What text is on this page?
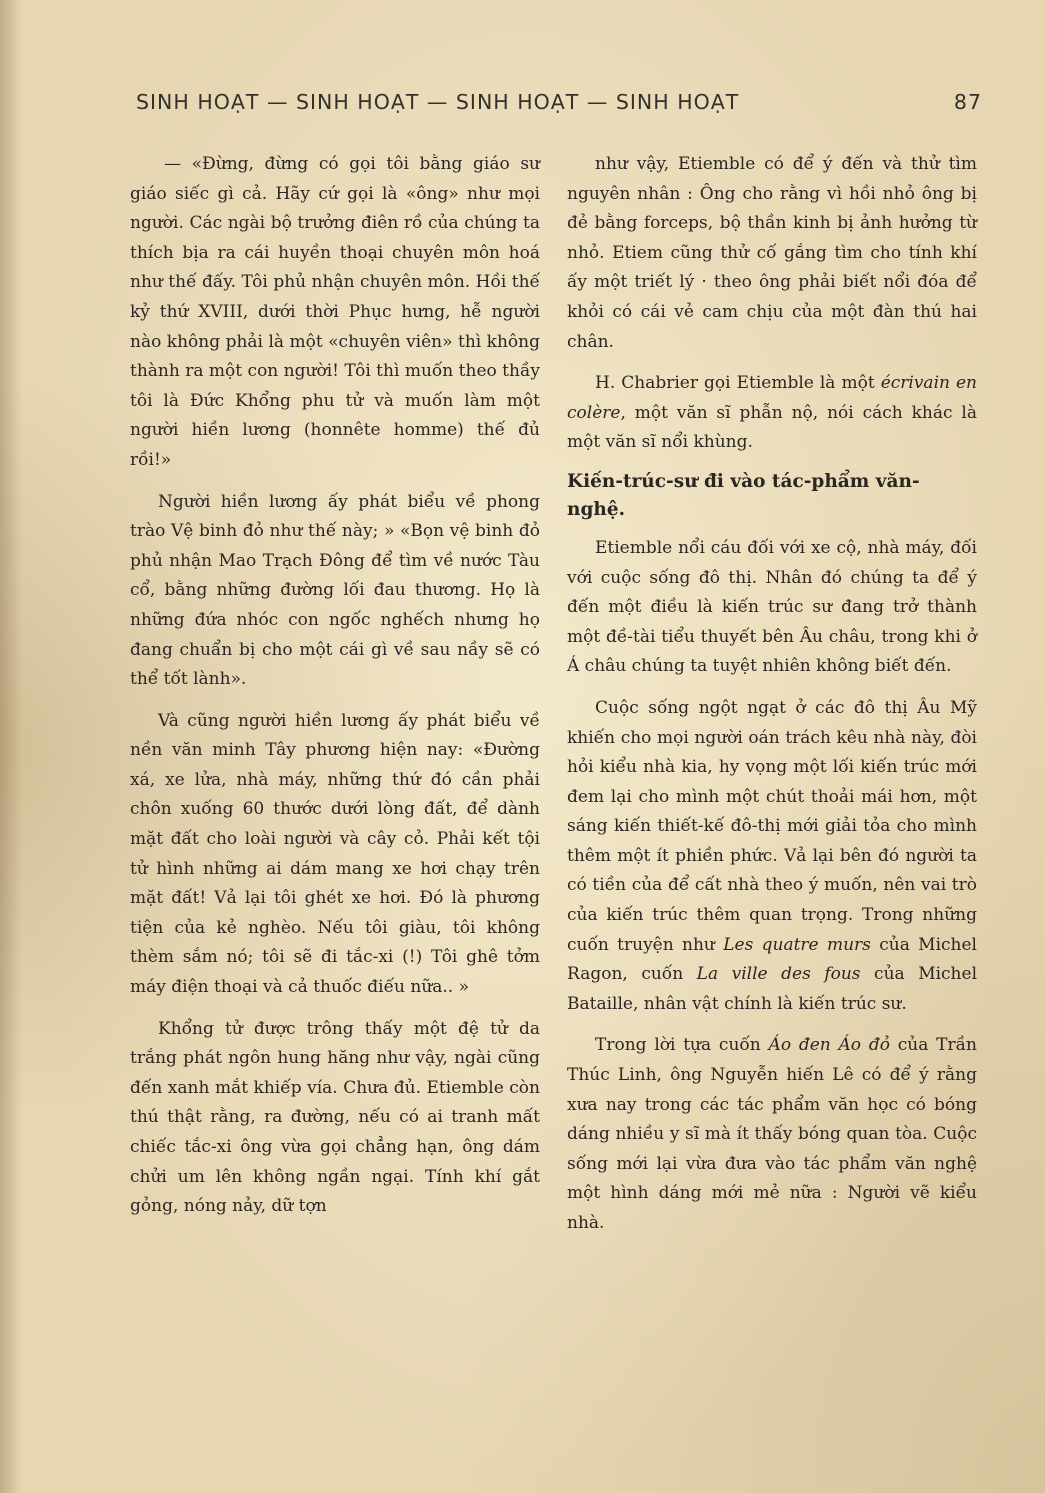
SINH HOẠT — SINH HOẠT — SINH HOẠT — SINH HOẠT	87

— «Đừng, đừng có gọi tôi bằng giáo sư giáo siếc gì cả. Hãy cứ gọi là «ông» như mọi người. Các ngài bộ trưởng điên rồ của chúng ta thích bịa ra cái huyền thoại chuyên môn hoá như thế đấy. Tôi phủ nhận chuyên môn. Hồi thế kỷ thứ XVIII, dưới thời Phục hưng, hễ người nào không phải là một «chuyên viên» thì không thành ra một con người! Tôi thì muốn theo thầy tôi là Đức Khổng phu tử và muốn làm một người hiền lương (honnête homme) thế đủ rồi!»

Người hiền lương ấy phát biểu về phong trào Vệ binh đỏ như thế này; » «Bọn vệ binh đỏ phủ nhận Mao Trạch Đông để tìm về nước Tàu cổ, bằng những đường lối đau thương. Họ là những đứa nhóc con ngốc nghếch nhưng họ đang chuẩn bị cho một cái gì về sau nầy sẽ có thể tốt lành».

Và cũng người hiền lương ấy phát biểu về nền văn minh Tây phương hiện nay: «Đường xá, xe lửa, nhà máy, những thứ đó cần phải chôn xuống 60 thước dưới lòng đất, để dành mặt đất cho loài người và cây cỏ. Phải kết tội tử hình những ai dám mang xe hơi chạy trên mặt đất! Vả lại tôi ghét xe hơi. Đó là phương tiện của kẻ nghèo. Nếu tôi giàu, tôi không thèm sắm nó; tôi sẽ đi tắc-xi (!) Tôi ghê tởm máy điện thoại và cả thuốc điếu nữa.. »

Khổng tử được trông thấy một đệ tử da trắng phát ngôn hung hăng như vậy, ngài cũng đến xanh mắt khiếp vía. Chưa đủ. Etiemble còn thú thật rằng, ra đường, nếu có ai tranh mất chiếc tắc-xi ông vừa gọi chẳng hạn, ông dám chửi um lên không ngần ngại. Tính khí gắt gỏng, nóng nảy, dữ tợn

như vậy, Etiemble có để ý đến và thử tìm nguyên nhân : Ông cho rằng vì hồi nhỏ ông bị đẻ bằng forceps, bộ thần kinh bị ảnh hưởng từ nhỏ. Etiem cũng thử cố gắng tìm cho tính khí ấy một triết lý · theo ông phải biết nổi đóa để khỏi có cái vẻ cam chịu của một đàn thú hai chân.

H. Chabrier gọi Etiemble là một écrivain en colère, một văn sĩ phẫn nộ, nói cách khác là một văn sĩ nổi khùng.

Kiến-trúc-sư đi vào tác-phẩm văn-nghệ.

Etiemble nổi cáu đối với xe cộ, nhà máy, đối với cuộc sống đô thị. Nhân đó chúng ta để ý đến một điều là kiến trúc sư đang trở thành một đề-tài tiểu thuyết bên Âu châu, trong khi ở Á châu chúng ta tuyệt nhiên không biết đến.

Cuộc sống ngột ngạt ở các đô thị Âu Mỹ khiến cho mọi người oán trách kêu nhà này, đòi hỏi kiểu nhà kia, hy vọng một lối kiến trúc mới đem lại cho mình một chút thoải mái hơn, một sáng kiến thiết-kế đô-thị mới giải tỏa cho mình thêm một ít phiền phức. Vả lại bên đó người ta có tiền của để cất nhà theo ý muốn, nên vai trò của kiến trúc thêm quan trọng. Trong những cuốn truyện như Les quatre murs của Michel Ragon, cuốn La ville des fous của Michel Bataille, nhân vật chính là kiến trúc sư.

Trong lời tựa cuốn Áo đen Áo đỏ của Trần Thúc Linh, ông Nguyễn hiến Lê có để ý rằng xưa nay trong các tác phẩm văn học có bóng dáng nhiều y sĩ mà ít thấy bóng quan tòa. Cuộc sống mới lại vừa đưa vào tác phẩm văn nghệ một hình dáng mới mẻ nữa : Người vẽ kiểu nhà.
